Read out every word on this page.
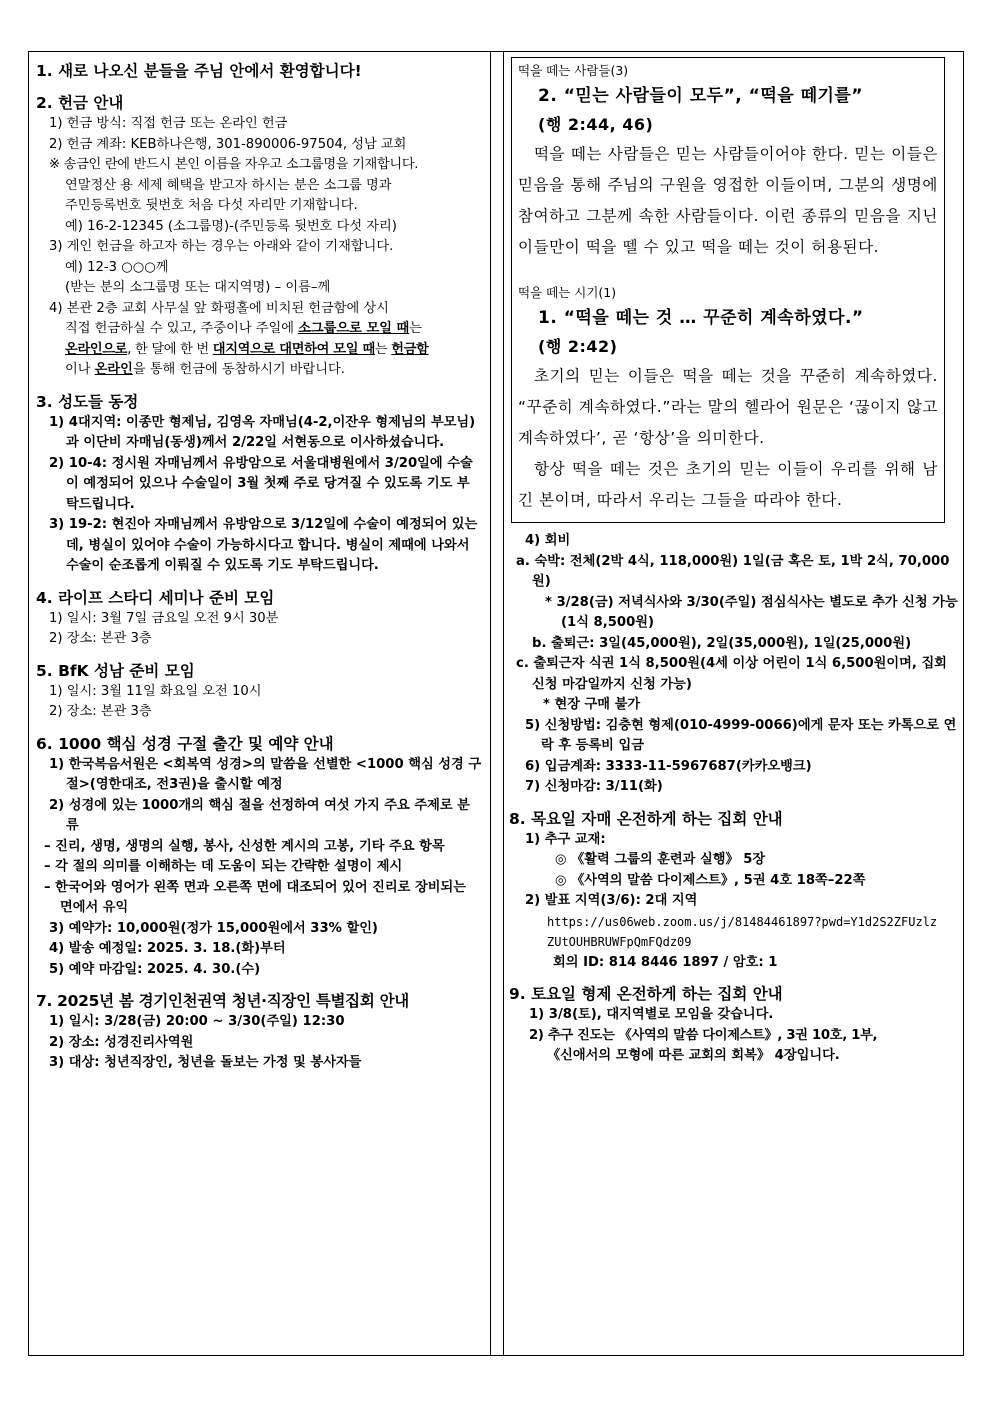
1. 새로 나오신 분들을 주님 안에서 환영합니다!
2. 헌금 안내
1) 헌금 방식: 직접 헌금 또는 온라인 헌금
2) 헌금 계좌: KEB하나은행, 301-890006-97504, 성남 교회
※ 송금인 란에 반드시 본인 이름을 자우고 소그룹명을 기재합니다.
연말정산 용 세제 혜택을 받고자 하시는 분은 소그룹 명과
주민등록번호 뒷번호 처음 다섯 자리만 기재합니다.
예) 16-2-12345 (소그룹명)-(주민등록 뒷번호 다섯 자리)
3) 게인 헌금을 하고자 하는 경우는 아래와 같이 기재합니다.
예) 12-3 ○○○께
(받는 분의 소그룹명 또는 대지역명) – 이름–께
4) 본관 2층 교회 사무실 앞 화평홀에 비치된 헌금함에 상시
직접 헌금하실 수 있고, 주중이나 주일에 소그룹으로 모일 때는
온라인으로, 한 달에 한 번 대지역으로 대면하여 모일 때는 헌금함
이나 온라인을 통해 헌금에 동참하시기 바랍니다.
3. 성도들 동정
1) 4대지역: 이종만 형제님, 김영옥 자매님(4-2,이잔우 형제님의 부모님)과 이단비 자매님(동생)께서 2/22일 서현동으로 이사하셨습니다.
2) 10-4: 정시원 자매님께서 유방암으로 서울대병원에서 3/20일에 수술이 예정되어 있으나 수술일이 3월 첫째 주로 당겨질 수 있도록 기도 부탁드립니다.
3) 19-2: 현진아 자매님께서 유방암으로 3/12일에 수술이 예정되어 있는데, 병실이 있어야 수술이 가능하시다고 합니다. 병실이 제때에 나와서 수술이 순조롭게 이뤄질 수 있도록 기도 부탁드립니다.
4. 라이프 스타디 세미나 준비 모임
1) 일시: 3월 7일 금요일 오전 9시 30분
2) 장소: 본관 3층
5. BfK 성남 준비 모임
1) 일시: 3월 11일 화요일 오전 10시
2) 장소: 본관 3층
6. 1000 핵심 성경 구절 출간 및 예약 안내
1) 한국복음서원은 <회복역 성경>의 말씀을 선별한 <1000 핵심 성경 구절>(영한대조, 전3권)을 출시할 예정
2) 성경에 있는 1000개의 핵심 절을 선정하여 여섯 가지 주요 주제로 분류
– 진리, 생명, 생명의 실행, 봉사, 신성한 계시의 고봉, 기타 주요 항목
– 각 절의 의미를 이해하는 데 도움이 되는 간략한 설명이 제시
– 한국어와 영어가 왼쪽 면과 오른쪽 면에 대조되어 있어 진리로 장비되는 면에서 유익
3) 예약가: 10,000원(정가 15,000원에서 33% 할인)
4) 발송 예정일: 2025. 3. 18.(화)부터
5) 예약 마감일: 2025. 4. 30.(수)
7. 2025년 봄 경기인천권역 청년·직장인 특별집회 안내
1) 일시: 3/28(금) 20:00 ~ 3/30(주일) 12:30
2) 장소: 성경진리사역원
3) 대상: 청년직장인, 청년을 돌보는 가정 및 봉사자들
떡을 떼는 사람들(3)
2. “믿는 사람들이 모두”, “떡을 떼기를”
(행 2:44, 46)
떡을 떼는 사람들은 믿는 사람들이어야 한다. 믿는 이들은 믿음을 통해 주님의 구원을 영접한 이들이며, 그분의 생명에 참여하고 그분께 속한 사람들이다. 이런 종류의 믿음을 지닌 이들만이 떡을 뗄 수 있고 떡을 떼는 것이 허용된다.
떡을 떼는 시기(1)
1. “떡을 떼는 것 … 꾸준히 계속하였다.”
(행 2:42)
초기의 믿는 이들은 떡을 떼는 것을 꾸준히 계속하였다. “꾸준히 계속하였다.”라는 말의 헬라어 원문은 ‘끊이지 않고 계속하였다’, 곧 ‘항상’을 의미한다.
항상 떡을 떼는 것은 초기의 믿는 이들이 우리를 위해 남긴 본이며, 따라서 우리는 그들을 따라야 한다.
4) 회비
a. 숙박: 전체(2박 4식, 118,000원) 1일(금 혹은 토, 1박 2식, 70,000원)
* 3/28(금) 저녁식사와 3/30(주일) 점심식사는 별도로 추가 신청 가능(1식 8,500원)
b. 출퇴근: 3일(45,000원), 2일(35,000원), 1일(25,000원)
c. 출퇴근자 식권 1식 8,500원(4세 이상 어린이 1식 6,500원이며, 집회 신청 마감일까지 신청 가능)
* 현장 구매 불가
5) 신청방법: 김충현 형제(010-4999-0066)에게 문자 또는 카톡으로 연락 후 등록비 입금
6) 입금계좌: 3333-11-5967687(카카오뱅크)
7) 신청마감: 3/11(화)
8. 목요일 자매 온전하게 하는 집회 안내
1) 추구 교재:
◎ 《활력 그룹의 훈련과 실행》 5장
◎ 《사역의 말씀 다이제스트》, 5권 4호 18쪽–22쪽
2) 발표 지역(3/6): 2대 지역
https://us06web.zoom.us/j/81484461897?pwd=Y1d2S2ZFUzlz
ZUtOUHBRUWFpQmFQdz09
회의 ID: 814 8446 1897 / 암호: 1
9. 토요일 형제 온전하게 하는 집회 안내
1) 3/8(토), 대지역별로 모임을 갖습니다.
2) 추구 진도는 《사역의 말씀 다이제스트》, 3권 10호, 1부,
《신애서의 모형에 따른 교회의 회복》 4장입니다.
